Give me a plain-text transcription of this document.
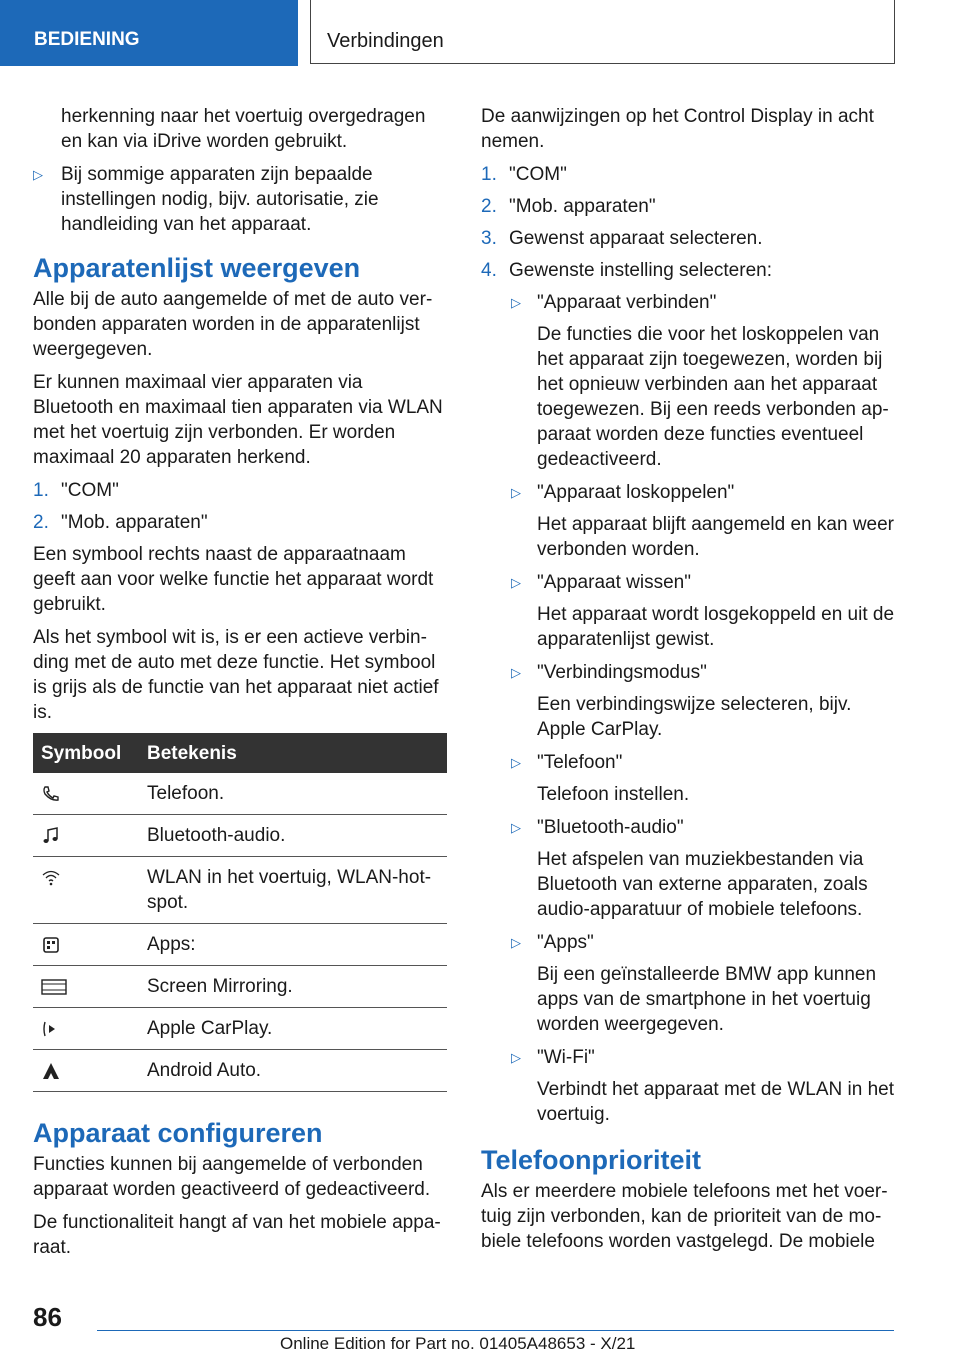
BEDIENING	Verbindingen
herkenning naar het voertuig overgedragen en kan via iDrive worden gebruikt.
▷ Bij sommige apparaten zijn bepaalde instellingen nodig, bijv. autorisatie, zie handleiding van het apparaat.
Apparatenlijst weergeven

Alle bij de auto aangemelde of met de auto verbonden apparaten worden in de apparatenlijst weergegeven.

Er kunnen maximaal vier apparaten via Bluetooth en maximaal tien apparaten via WLAN met het voertuig zijn verbonden. Er worden maximaal 20 apparaten herkend.

1. "COM"
2. "Mob. apparaten"

Een symbool rechts naast de apparaatnaam geeft aan voor welke functie het apparaat wordt gebruikt.

Als het symbool wit is, is er een actieve verbinding met de auto met deze functie. Het symbool is grijs als de functie van het apparaat niet actief is.

Symbool	Betekenis
	Telefoon.
	Bluetooth-audio.
	WLAN in het voertuig, WLAN-hotspot.
	Apps:
	Screen Mirroring.
	Apple CarPlay.
	Android Auto.
Apparaat configureren

Functies kunnen bij aangemelde of verbonden apparaat worden geactiveerd of gedeactiveerd.

De functionaliteit hangt af van het mobiele apparaat.

De aanwijzingen op het Control Display in acht nemen.

1. "COM"
2. "Mob. apparaten"
3. Gewenst apparaat selecteren.
4. Gewenste instelling selecteren:
▷ "Apparaat verbinden"
De functies die voor het loskoppelen van het apparaat zijn toegewezen, worden bij het opnieuw verbinden aan het apparaat toegewezen. Bij een reeds verbonden apparaat worden deze functies eventueel gedeactiveerd.
▷ "Apparaat loskoppelen"
Het apparaat blijft aangemeld en kan weer verbonden worden.
▷ "Apparaat wissen"
Het apparaat wordt losgekoppeld en uit de apparatenlijst gewist.
▷ "Verbindingsmodus"
Een verbindingswijze selecteren, bijv. Apple CarPlay.
▷ "Telefoon"
Telefoon instellen.
▷ "Bluetooth-audio"
Het afspelen van muziekbestanden via Bluetooth van externe apparaten, zoals audio-apparatuur of mobiele telefoons.
▷ "Apps"
Bij een geïnstalleerde BMW app kunnen apps van de smartphone in het voertuig worden weergegeven.
▷ "Wi-Fi"
Verbindt het apparaat met de WLAN in het voertuig.
Telefoonprioriteit

Als er meerdere mobiele telefoons met het voertuig zijn verbonden, kan de prioriteit van de mobiele telefoons worden vastgelegd. De mobiele

86
Online Edition for Part no. 01405A48653 - X/21
